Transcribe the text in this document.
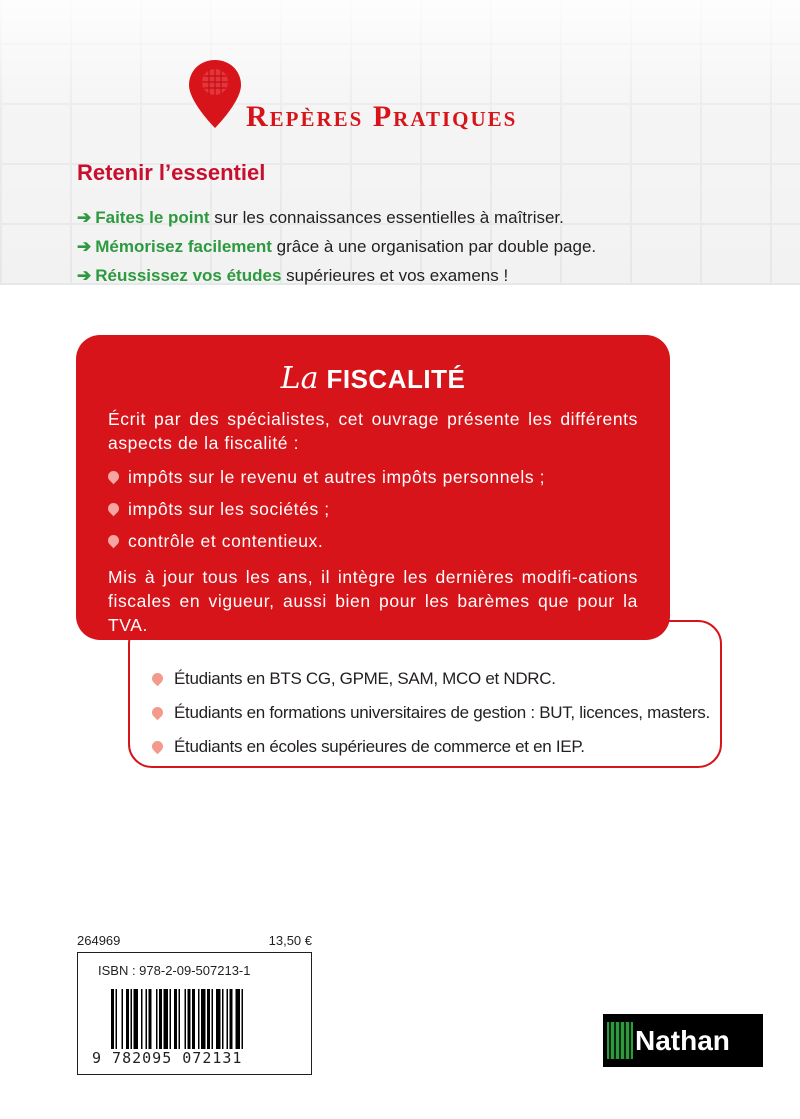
Repères Pratiques
Retenir l’essentiel
➔ Faites le point sur les connaissances essentielles à maîtriser.
➔ Mémorisez facilement grâce à une organisation par double page.
➔ Réussissez vos études supérieures et vos examens !
Étudiants en BTS CG, GPME, SAM, MCO et NDRC.
Étudiants en formations universitaires de gestion : BUT, licences, masters.
Étudiants en écoles supérieures de commerce et en IEP.
La FISCALITÉ

Écrit par des spécialistes, cet ouvrage présente les différents aspects de la fiscalité :

impôts sur le revenu et autres impôts personnels ;
impôts sur les sociétés ;
contrôle et contentieux.

Mis à jour tous les ans, il intègre les dernières modifi-cations fiscales en vigueur, aussi bien pour les barèmes que pour la TVA.

264969	13,50 €
ISBN : 978-2-09-507213-1
9 782095 072131
Nathan
